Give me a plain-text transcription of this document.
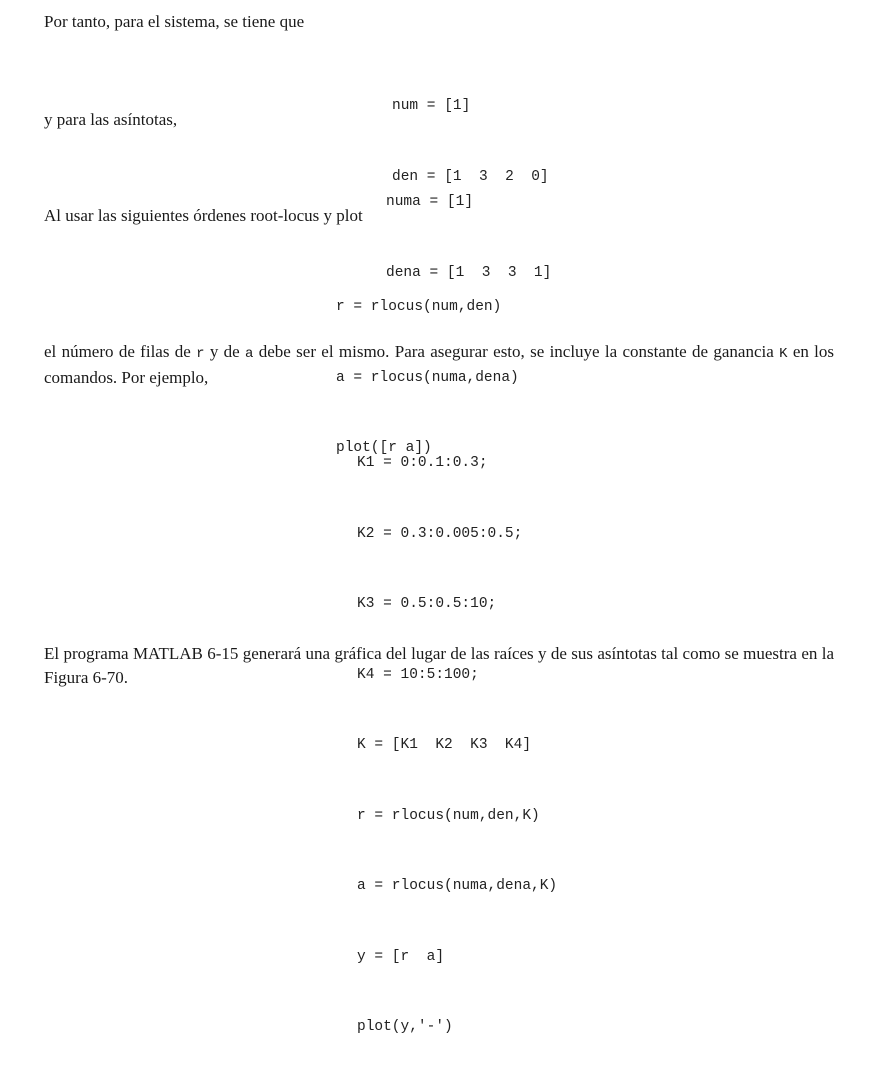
Por tanto, para el sistema, se tiene que

num = [1]

den = [1  3  2  0]

y para las asíntotas,

numa = [1]

dena = [1  3  3  1]

Al usar las siguientes órdenes root-locus y plot

r = rlocus(num,den)

a = rlocus(numa,dena)

plot([r a])

el número de filas de r y de a debe ser el mismo. Para asegurar esto, se incluye la constante de ganancia K en los comandos. Por ejemplo,

K1 = 0:0.1:0.3;

K2 = 0.3:0.005:0.5;

K3 = 0.5:0.5:10;

K4 = 10:5:100;

K = [K1  K2  K3  K4]

r = rlocus(num,den,K)

a = rlocus(numa,dena,K)

y = [r  a]

plot(y,'-')

El programa MATLAB 6-15 generará una gráfica del lugar de las raíces y de sus asíntotas tal como se muestra en la Figura 6-70.
